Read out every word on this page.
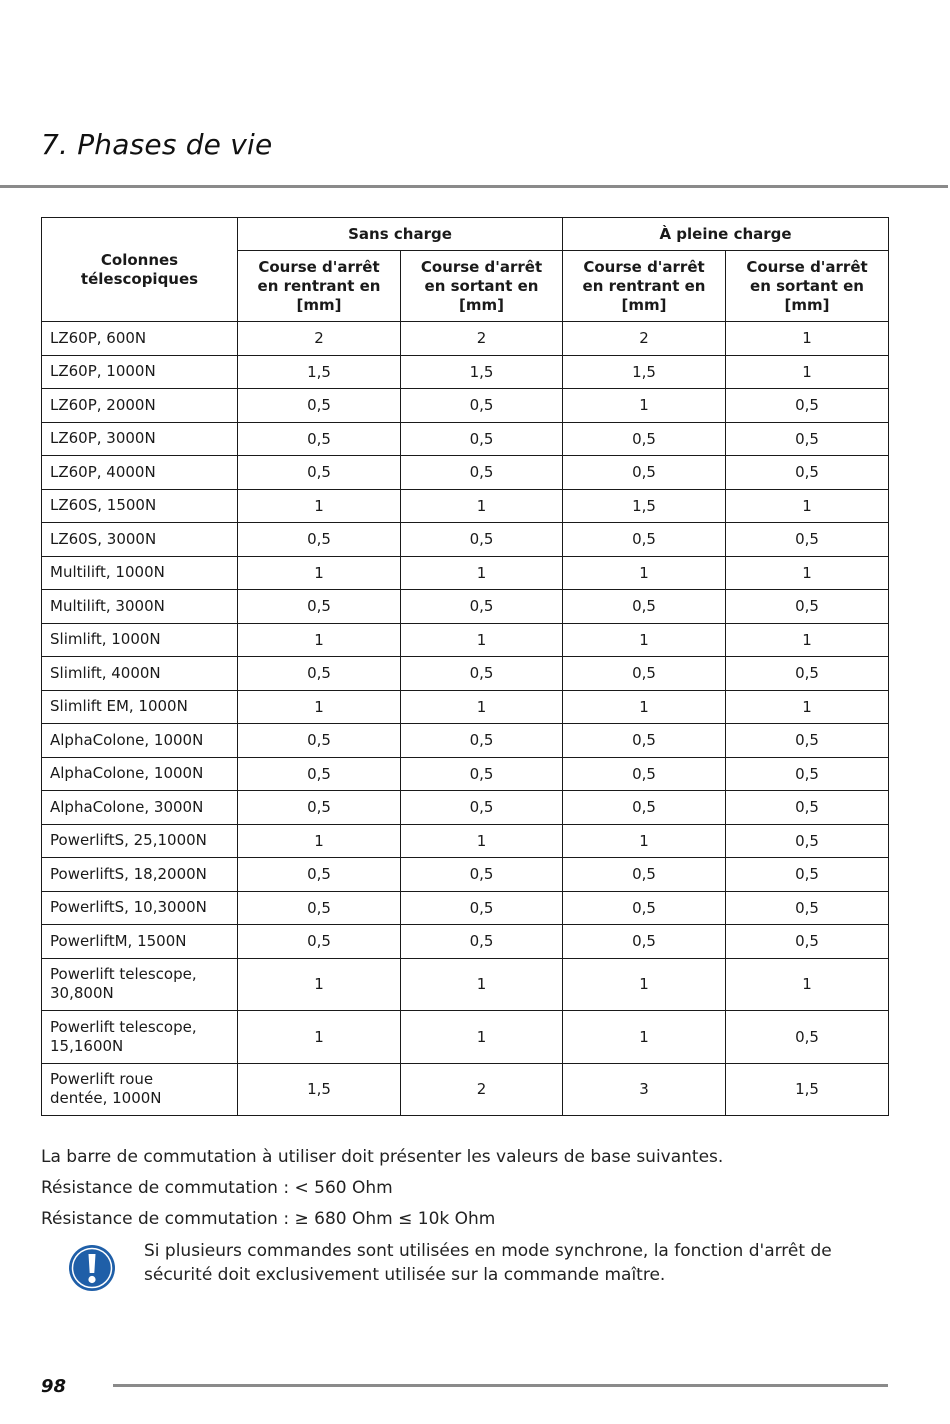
7. Phases de vie
Colonnes télescopiques	Sans charge		À pleine charge	

	Course d'arrêt en rentrant en [mm]	Course d'arrêt en sortant en [mm]	Course d'arrêt en rentrant en [mm]	Course d'arrêt en sortant en [mm]

LZ60P, 600N	2	2	2	1
LZ60P, 1000N	1,5	1,5	1,5	1
LZ60P, 2000N	0,5	0,5	1	0,5
LZ60P, 3000N	0,5	0,5	0,5	0,5
LZ60P, 4000N	0,5	0,5	0,5	0,5
LZ60S, 1500N	1	1	1,5	1
LZ60S, 3000N	0,5	0,5	0,5	0,5
Multilift, 1000N	1	1	1	1
Multilift, 3000N	0,5	0,5	0,5	0,5
Slimlift, 1000N	1	1	1	1
Slimlift, 4000N	0,5	0,5	0,5	0,5
Slimlift EM, 1000N	1	1	1	1
AlphaColone, 1000N	0,5	0,5	0,5	0,5
AlphaColone, 1000N	0,5	0,5	0,5	0,5
AlphaColone, 3000N	0,5	0,5	0,5	0,5
PowerliftS, 25,1000N	1	1	1	0,5
PowerliftS, 18,2000N	0,5	0,5	0,5	0,5
PowerliftS, 10,3000N	0,5	0,5	0,5	0,5
PowerliftM, 1500N	0,5	0,5	0,5	0,5
Powerlift telescope, 30,800N	1	1	1	1
Powerlift telescope, 15,1600N	1	1	1	0,5
Powerlift roue dentée, 1000N	1,5	2	3	1,5

La barre de commutation à utiliser doit présenter les valeurs de base suivantes.

Résistance de commutation : < 560 Ohm

Résistance de commutation : ≥ 680 Ohm ≤ 10k Ohm

Si plusieurs commandes sont utilisées en mode synchrone, la fonction d'arrêt de sécurité doit exclusivement utilisée sur la commande maître.

98
